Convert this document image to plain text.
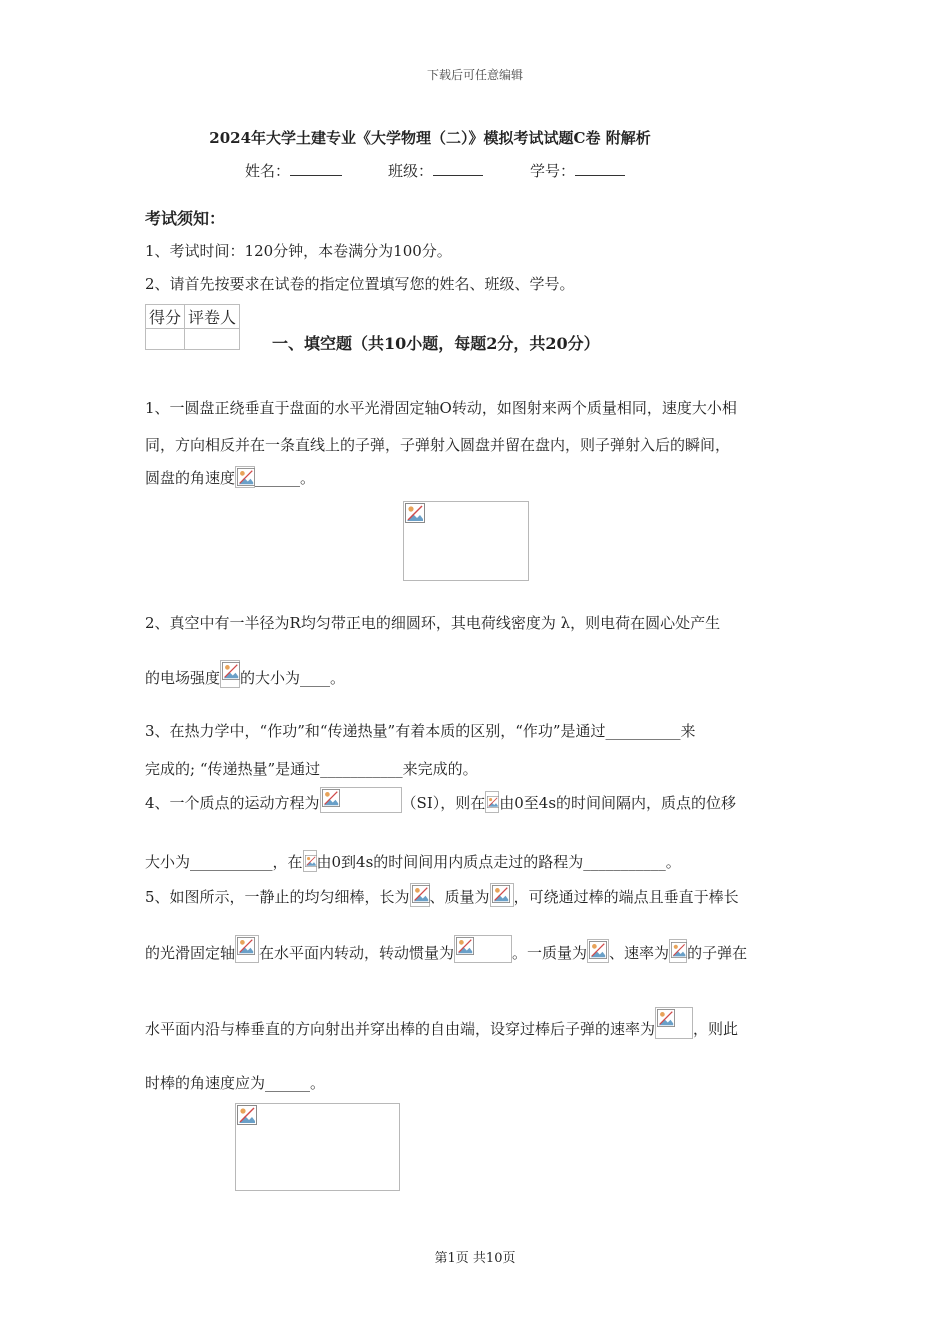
下载后可任意编辑
2024年大学土建专业《大学物理（二）》模拟考试试题C卷 附解析
姓名：	班级：	学号：
考试须知：
1、考试时间：120分钟，本卷满分为100分。
2、请首先按要求在试卷的指定位置填写您的姓名、班级、学号。
得分	评卷人

一、填空题（共10小题，每题2分，共20分）
1、一圆盘正绕垂直于盘面的水平光滑固定轴O转动，如图射来两个质量相同，速度大小相
同，方向相反并在一条直线上的子弹，子弹射入圆盘并留在盘内，则子弹射入后的瞬间，
圆盘的角速度 ______。
2、真空中有一半径为R均匀带正电的细圆环，其电荷线密度为 λ，则电荷在圆心处产生
的电场强度 的大小为____。
3、在热力学中，“作功”和“传递热量”有着本质的区别，“作功”是通过__________来
完成的; “传递热量”是通过___________来完成的。
4、一个质点的运动方程为	（SI），则在 由0至4s的时间间隔内，质点的位移
大小为___________，在 由0到4s的时间间用内质点走过的路程为___________。
5、如图所示，一静止的均匀细棒，长为 、质量为 ，可绕通过棒的端点且垂直于棒长
的光滑固定轴 在水平面内转动，转动惯量为	。一质量为 、速率为 的子弹在
水平面内沿与棒垂直的方向射出并穿出棒的自由端，设穿过棒后子弹的速率为	，则此
时棒的角速度应为______。
第1页 共10页
